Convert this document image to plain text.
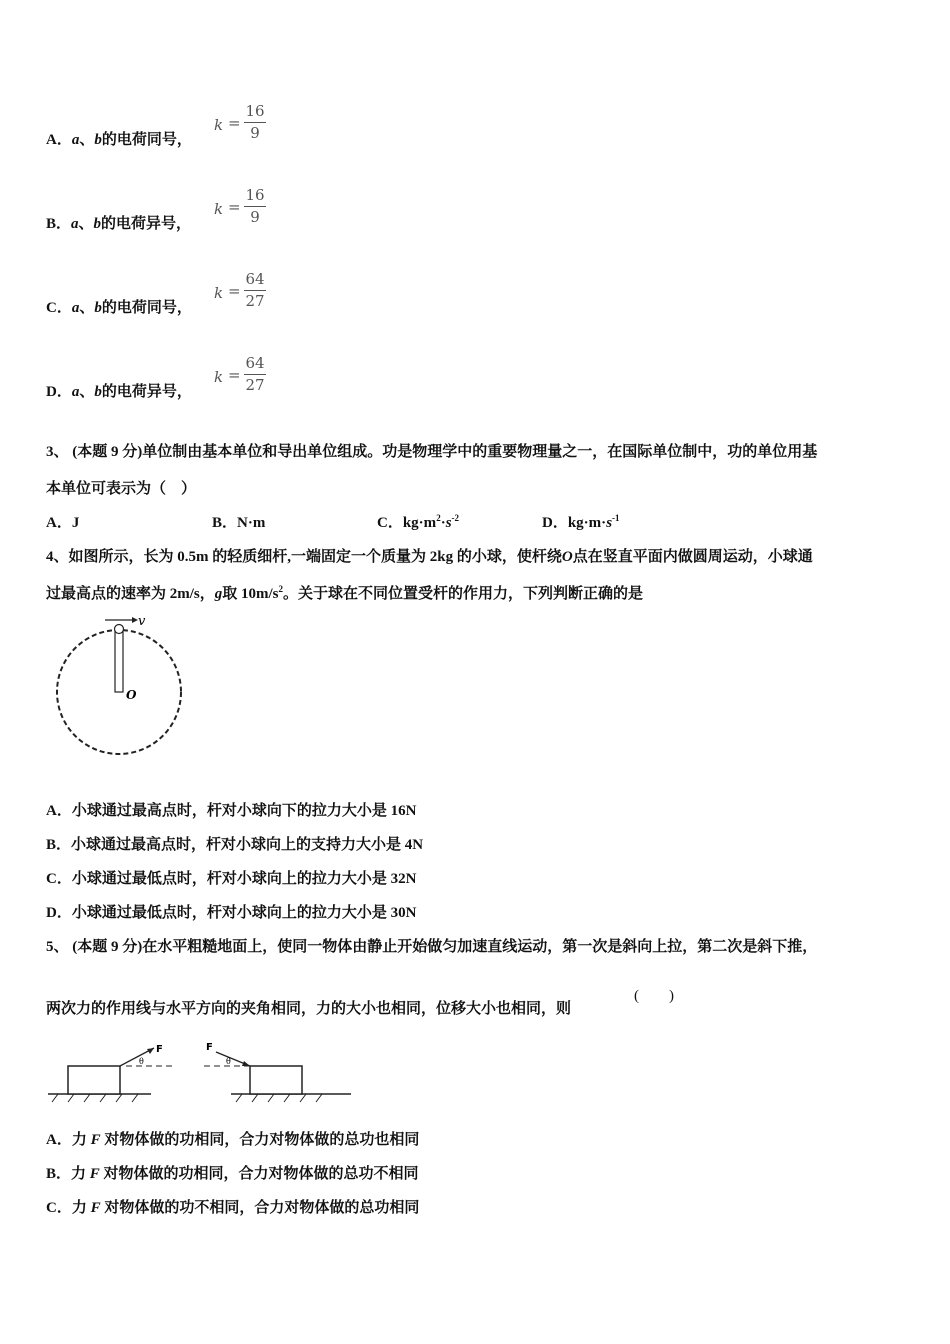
A．a、b的电荷同号，
k =
16
9
B．a、b的电荷异号，
k =
16
9
C．a、b的电荷同号，
k =
64
27
D．a、b的电荷异号，
k =
64
27
3、 (本题 9 分)单位制由基本单位和导出单位组成。功是物理学中的重要物理量之一，在国际单位制中，功的单位用基
本单位可表示为（　）
A．J	B．N·m	C．$kg\cdot m^2\cdot s^{-2}$	D．$kg\cdot m\cdot s^{-1}$
4、如图所示，长为 0.5m 的轻质细杆,一端固定一个质量为 2kg 的小球，使杆绕O点在竖直平面内做圆周运动，小球通
过最高点的速率为 2m/s，g取 $10m/s^2$。关于球在不同位置受杆的作用力，下列判断正确的是
v
O
A．小球通过最高点时，杆对小球向下的拉力大小是 16N
B．小球通过最高点时，杆对小球向上的支持力大小是 4N
C．小球通过最低点时，杆对小球向上的拉力大小是 32N
D．小球通过最低点时，杆对小球向上的拉力大小是 30N
5、 (本题 9 分)在水平粗糙地面上，使同一物体由静止开始做匀加速直线运动，第一次是斜向上拉，第二次是斜下推，
两次力的作用线与水平方向的夹角相同，力的大小也相同，位移大小也相同，则
(　　)
F
θ
F
θ
A．力 F 对物体做的功相同，合力对物体做的总功也相同
B．力 F 对物体做的功相同，合力对物体做的总功不相同
C．力 F 对物体做的功不相同，合力对物体做的总功相同
